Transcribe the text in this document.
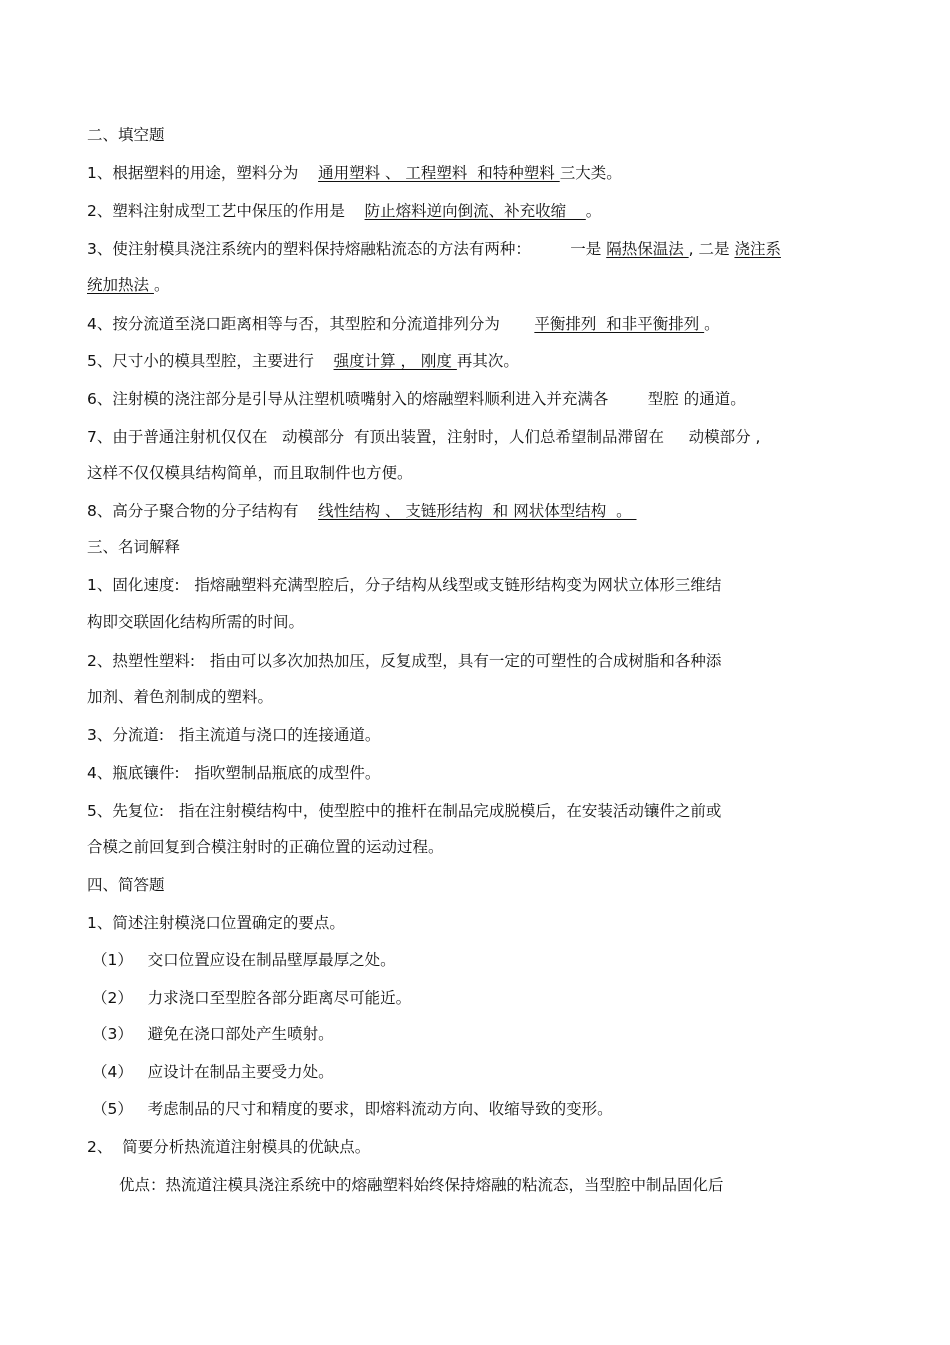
二、填空题
1、根据塑料的用途，塑料分为    通用塑料 、 工程塑料  和特种塑料 三大类。
2、塑料注射成型工艺中保压的作用是    防止熔料逆向倒流、补充收缩    。
3、使注射模具浇注系统内的塑料保持熔融粘流态的方法有两种：        一是 隔热保温法 , 二是 浇注系
统加热法 。
4、按分流道至浇口距离相等与否，其型腔和分流道排列分为       平衡排列  和非平衡排列 。
5、尺寸小的模具型腔，主要进行    强度计算 ， 刚度 再其次。
6、注射模的浇注部分是引导从注塑机喷嘴射入的熔融塑料顺利进入并充满各        型腔 的通道。
7、由于普通注射机仅仅在   动模部分  有顶出装置，注射时，人们总希望制品滞留在     动模部分 ,
这样不仅仅模具结构简单，而且取制件也方便。
8、高分子聚合物的分子结构有    线性结构 、 支链形结构  和 网状体型结构  。
三、名词解释
1、固化速度:   指熔融塑料充满型腔后，分子结构从线型或支链形结构变为网状立体形三维结
构即交联固化结构所需的时间。
2、热塑性塑料:   指由可以多次加热加压，反复成型，具有一定的可塑性的合成树脂和各种添
加剂、着色剂制成的塑料。
3、分流道:   指主流道与浇口的连接通道。
4、瓶底镶件:   指吹塑制品瓶底的成型件。
5、先复位:   指在注射模结构中，使型腔中的推杆在制品完成脱模后，在安装活动镶件之前或
合模之前回复到合模注射时的正确位置的运动过程。
四、简答题
1、简述注射模浇口位置确定的要点。
（1）   交口位置应设在制品壁厚最厚之处。
（2）   力求浇口至型腔各部分距离尽可能近。
（3）   避免在浇口部处产生喷射。
（4）   应设计在制品主要受力处。
（5）   考虑制品的尺寸和精度的要求，即熔料流动方向、收缩导致的变形。
2、  简要分析热流道注射模具的优缺点。
优点：热流道注模具浇注系统中的熔融塑料始终保持熔融的粘流态，当型腔中制品固化后
